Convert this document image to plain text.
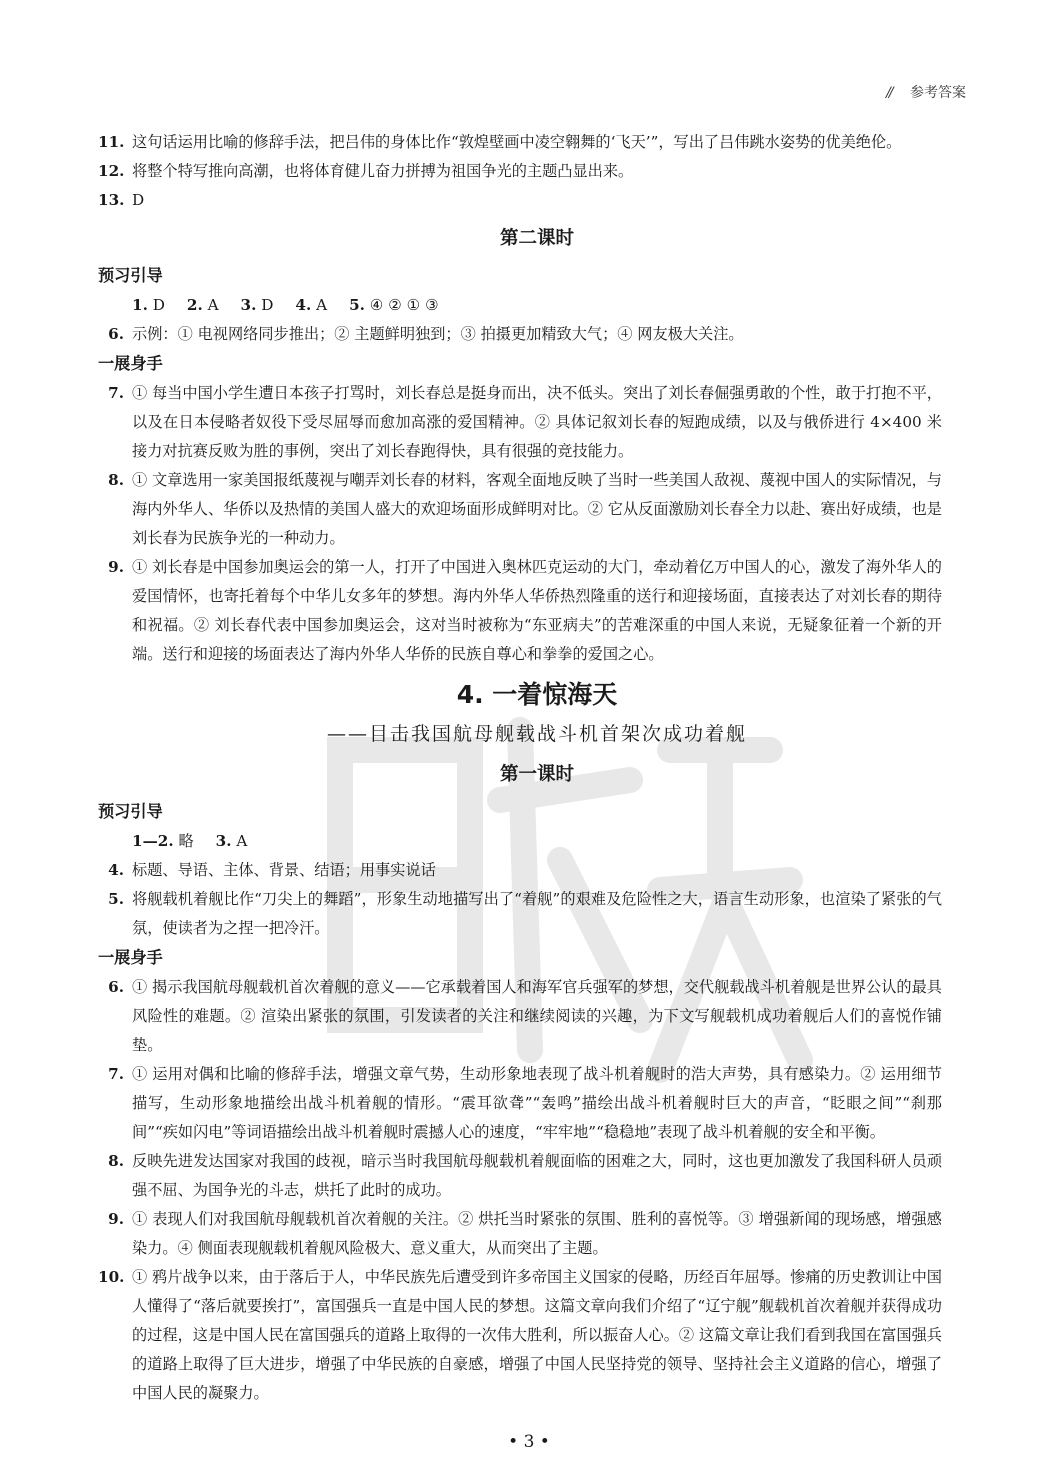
// 参考答案
11. 这句话运用比喻的修辞手法，把吕伟的身体比作“敦煌壁画中凌空翱舞的‘飞天’”，写出了吕伟跳水姿势的优美绝伦。
12. 将整个特写推向高潮，也将体育健儿奋力拼搏为祖国争光的主题凸显出来。
13. D
第二课时
预习引导
1. D 2. A 3. D 4. A 5. ④ ② ① ③
6. 示例：① 电视网络同步推出；② 主题鲜明独到；③ 拍摄更加精致大气；④ 网友极大关注。
一展身手
7. ① 每当中国小学生遭日本孩子打骂时，刘长春总是挺身而出，决不低头。突出了刘长春倔强勇敢的个性，敢于打抱不平，以及在日本侵略者奴役下受尽屈辱而愈加高涨的爱国精神。② 具体记叙刘长春的短跑成绩，以及与俄侨进行 4×400 米接力对抗赛反败为胜的事例，突出了刘长春跑得快，具有很强的竞技能力。
8. ① 文章选用一家美国报纸蔑视与嘲弄刘长春的材料，客观全面地反映了当时一些美国人敌视、蔑视中国人的实际情况，与海内外华人、华侨以及热情的美国人盛大的欢迎场面形成鲜明对比。② 它从反面激励刘长春全力以赴、赛出好成绩，也是刘长春为民族争光的一种动力。
9. ① 刘长春是中国参加奥运会的第一人，打开了中国进入奥林匹克运动的大门，牵动着亿万中国人的心，激发了海外华人的爱国情怀，也寄托着每个中华儿女多年的梦想。海内外华人华侨热烈隆重的送行和迎接场面，直接表达了对刘长春的期待和祝福。② 刘长春代表中国参加奥运会，这对当时被称为“东亚病夫”的苦难深重的中国人来说，无疑象征着一个新的开端。送行和迎接的场面表达了海内外华人华侨的民族自尊心和拳拳的爱国之心。
4. 一着惊海天
——目击我国航母舰载战斗机首架次成功着舰
第一课时
预习引导
1—2. 略 3. A
4. 标题、导语、主体、背景、结语；用事实说话
5. 将舰载机着舰比作“刀尖上的舞蹈”，形象生动地描写出了“着舰”的艰难及危险性之大，语言生动形象，也渲染了紧张的气氛，使读者为之捏一把冷汗。
一展身手
6. ① 揭示我国航母舰载机首次着舰的意义——它承载着国人和海军官兵强军的梦想，交代舰载战斗机着舰是世界公认的最具风险性的难题。② 渲染出紧张的氛围，引发读者的关注和继续阅读的兴趣，为下文写舰载机成功着舰后人们的喜悦作铺垫。
7. ① 运用对偶和比喻的修辞手法，增强文章气势，生动形象地表现了战斗机着舰时的浩大声势，具有感染力。② 运用细节描写，生动形象地描绘出战斗机着舰的情形。“震耳欲聋”“轰鸣”描绘出战斗机着舰时巨大的声音，“眨眼之间”“刹那间”“疾如闪电”等词语描绘出战斗机着舰时震撼人心的速度，“牢牢地”“稳稳地”表现了战斗机着舰的安全和平衡。
8. 反映先进发达国家对我国的歧视，暗示当时我国航母舰载机着舰面临的困难之大，同时，这也更加激发了我国科研人员顽强不屈、为国争光的斗志，烘托了此时的成功。
9. ① 表现人们对我国航母舰载机首次着舰的关注。② 烘托当时紧张的氛围、胜利的喜悦等。③ 增强新闻的现场感，增强感染力。④ 侧面表现舰载机着舰风险极大、意义重大，从而突出了主题。
10. ① 鸦片战争以来，由于落后于人，中华民族先后遭受到许多帝国主义国家的侵略，历经百年屈辱。惨痛的历史教训让中国人懂得了“落后就要挨打”，富国强兵一直是中国人民的梦想。这篇文章向我们介绍了“辽宁舰”舰载机首次着舰并获得成功的过程，这是中国人民在富国强兵的道路上取得的一次伟大胜利，所以振奋人心。② 这篇文章让我们看到我国在富国强兵的道路上取得了巨大进步，增强了中华民族的自豪感，增强了中国人民坚持党的领导、坚持社会主义道路的信心，增强了中国人民的凝聚力。
• 3 •
